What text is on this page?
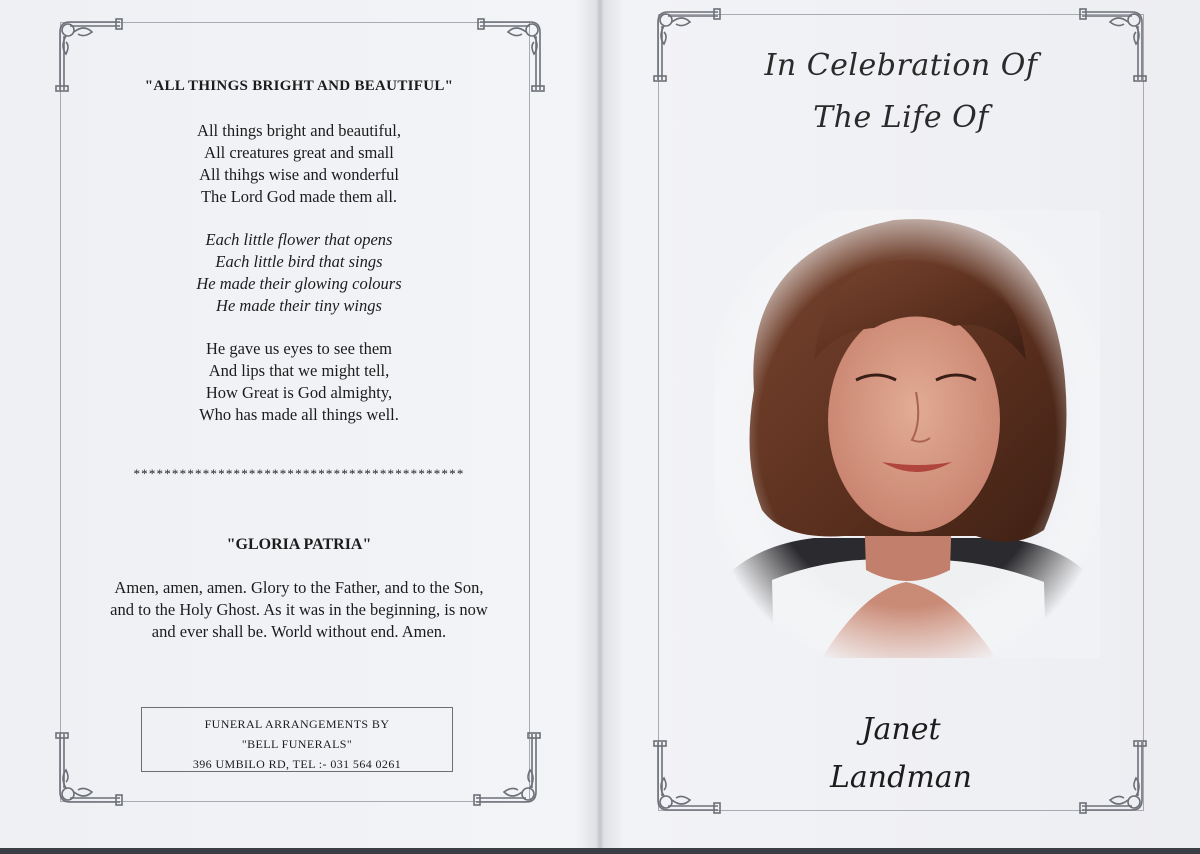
"ALL THINGS BRIGHT AND BEAUTIFUL"
All things bright and beautiful,
All creatures great and small
All thihgs wise and wonderful
The Lord God made them all.
Each little flower that opens
Each little bird that sings
He made their glowing colours
He made their tiny wings
He gave us eyes to see them
And lips that we might tell,
How Great is God almighty,
Who has made all things well.
*******************************************
"GLORIA PATRIA"
Amen, amen, amen. Glory to the Father, and to the Son,
and to the Holy Ghost. As it was in the beginning, is now
and ever shall be. World without end. Amen.
FUNERAL ARRANGEMENTS BY
"BELL FUNERALS"
396 UMBILO RD, TEL :- 031 564 0261
In Celebration Of
The Life Of
Janet
Landman
